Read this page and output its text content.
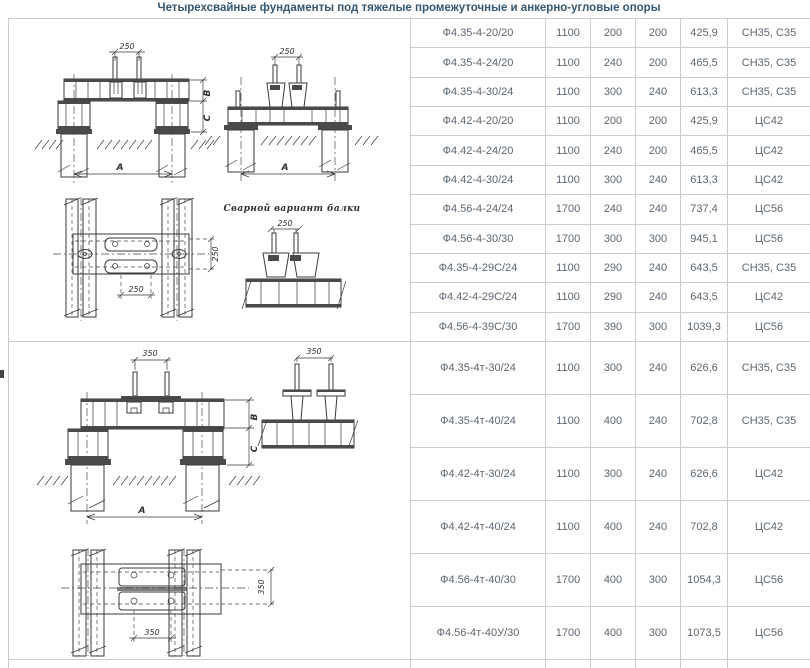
Четырехсвайные фундаменты под тяжелые промежуточные и анкерно-угловые опоры
250
А
В
С
250
А
250
250
Сварной вариант балки
250
	Ф4.35-4-20/20	1100	200	200	425,9	СН35, С35
	Ф4.35-4-24/20	1100	240	200	465,5	СН35, С35
	Ф4.35-4-30/24	1100	300	240	613,3	СН35, С35
	Ф4.42-4-20/20	1100	200	200	425,9	ЦС42
	Ф4.42-4-24/20	1100	240	200	465,5	ЦС42
	Ф4.42-4-30/24	1100	300	240	613,3	ЦС42
	Ф4.56-4-24/24	1700	240	240	737,4	ЦС56
	Ф4.56-4-30/30	1700	300	300	945,1	ЦС56
	Ф4.35-4-29С/24	1100	290	240	643,5	СН35, С35
	Ф4.42-4-29С/24	1100	290	240	643,5	ЦС42
	Ф4.56-4-39С/30	1700	390	300	1039,3	ЦС56

350
А
В
С
350
350
350
	Ф4.35-4т-30/24	1100	300	240	626,6	СН35, С35
	Ф4.35-4т-40/24	1100	400	240	702,8	СН35, С35
	Ф4.42-4т-30/24	1100	300	240	626,6	ЦС42
	Ф4.42-4т-40/24	1100	400	240	702,8	ЦС42
	Ф4.56-4т-40/30	1700	400	300	1054,3	ЦС56
	Ф4.56-4т-40У/30	1700	400	300	1073,5	ЦС56
